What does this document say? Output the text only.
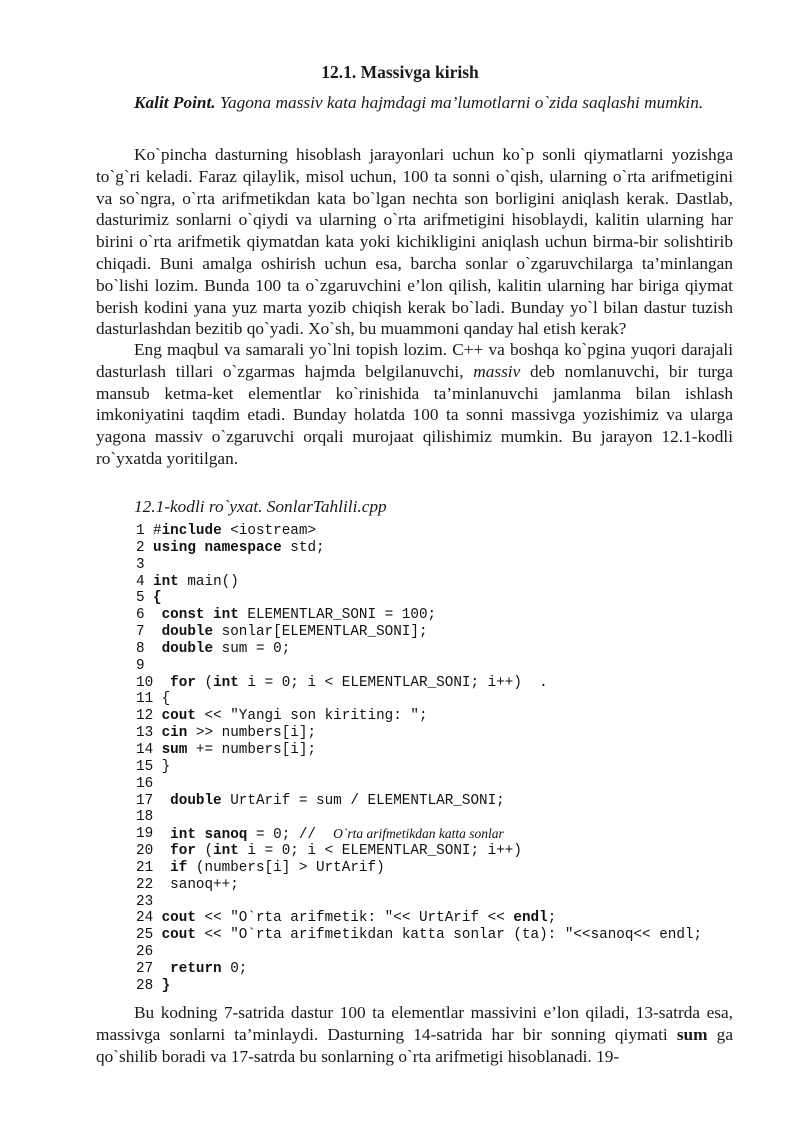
12.1. Massivga kirish

Kalit Point. Yagona massiv kata hajmdagi ma’lumotlarni o`zida saqlashi mumkin.

Ko`pincha dasturning hisoblash jarayonlari uchun ko`p sonli qiymatlarni yozishga to`g`ri keladi. Faraz qilaylik, misol uchun, 100 ta sonni o`qish, ularning o`rta arifmetigini va so`ngra, o`rta arifmetikdan kata bo`lgan nechta son borligini aniqlash kerak. Dastlab, dasturimiz sonlarni o`qiydi va ularning o`rta arifmetigini hisoblaydi, kalitin ularning har birini o`rta arifmetik qiymatdan kata yoki kichikligini aniqlash uchun birma-bir solishtirib chiqadi. Buni amalga oshirish uchun esa, barcha sonlar o`zgaruvchilarga ta’minlangan bo`lishi lozim. Bunda 100 ta o`zgaruvchini e’lon qilish, kalitin ularning har biriga qiymat berish kodini yana yuz marta yozib chiqish kerak bo`ladi. Bunday yo`l bilan dastur tuzish dasturlashdan bezitib qo`yadi. Xo`sh, bu muammoni qanday hal etish kerak?

Eng maqbul va samarali yo`lni topish lozim. C++ va boshqa ko`pgina yuqori darajali dasturlash tillari o`zgarmas hajmda belgilanuvchi, massiv deb nomlanuvchi, bir turga mansub ketma-ket elementlar ko`rinishida ta’minlanuvchi jamlanma bilan ishlash imkoniyatini taqdim etadi. Bunday holatda 100 ta sonni massivga yozishimiz va ularga yagona massiv o`zgaruvchi orqali murojaat qilishimiz mumkin. Bu jarayon 12.1-kodli ro`yxatda yoritilgan.

12.1-kodli ro`yxat. SonlarTahlili.cpp

1 #include <iostream>
2 using namespace std;
3
4 int main()
5 {
6 const int ELEMENTLAR_SONI = 100;
7 double sonlar[ELEMENTLAR_SONI];
8 double sum = 0;
9
10 for (int i = 0; i < ELEMENTLAR_SONI; i++)  .
11 {
12 cout << "Yangi son kiriting: ";
13 cin >> numbers[i];
14 sum += numbers[i];
15 }
16
17 double UrtArif = sum / ELEMENTLAR_SONI;
18
19 int sanoq = 0; //  O`rta arifmetikdan katta sonlar
20 for (int i = 0; i < ELEMENTLAR_SONI; i++)
21 if (numbers[i] > UrtArif)
22 sanoq++;
23
24 cout << "O`rta arifmetik: "<< UrtArif << endl;
25 cout << "O`rta arifmetikdan katta sonlar (ta): "<<sanoq<< endl;
26
27 return 0;
28 }

Bu kodning 7-satrida dastur 100 ta elementlar massivini e’lon qiladi, 13-satrda esa, massivga sonlarni ta’minlaydi. Dasturning 14-satrida har bir sonning qiymati sum ga qo`shilib boradi va 17-satrda bu sonlarning o`rta arifmetigi hisoblanadi. 19-
